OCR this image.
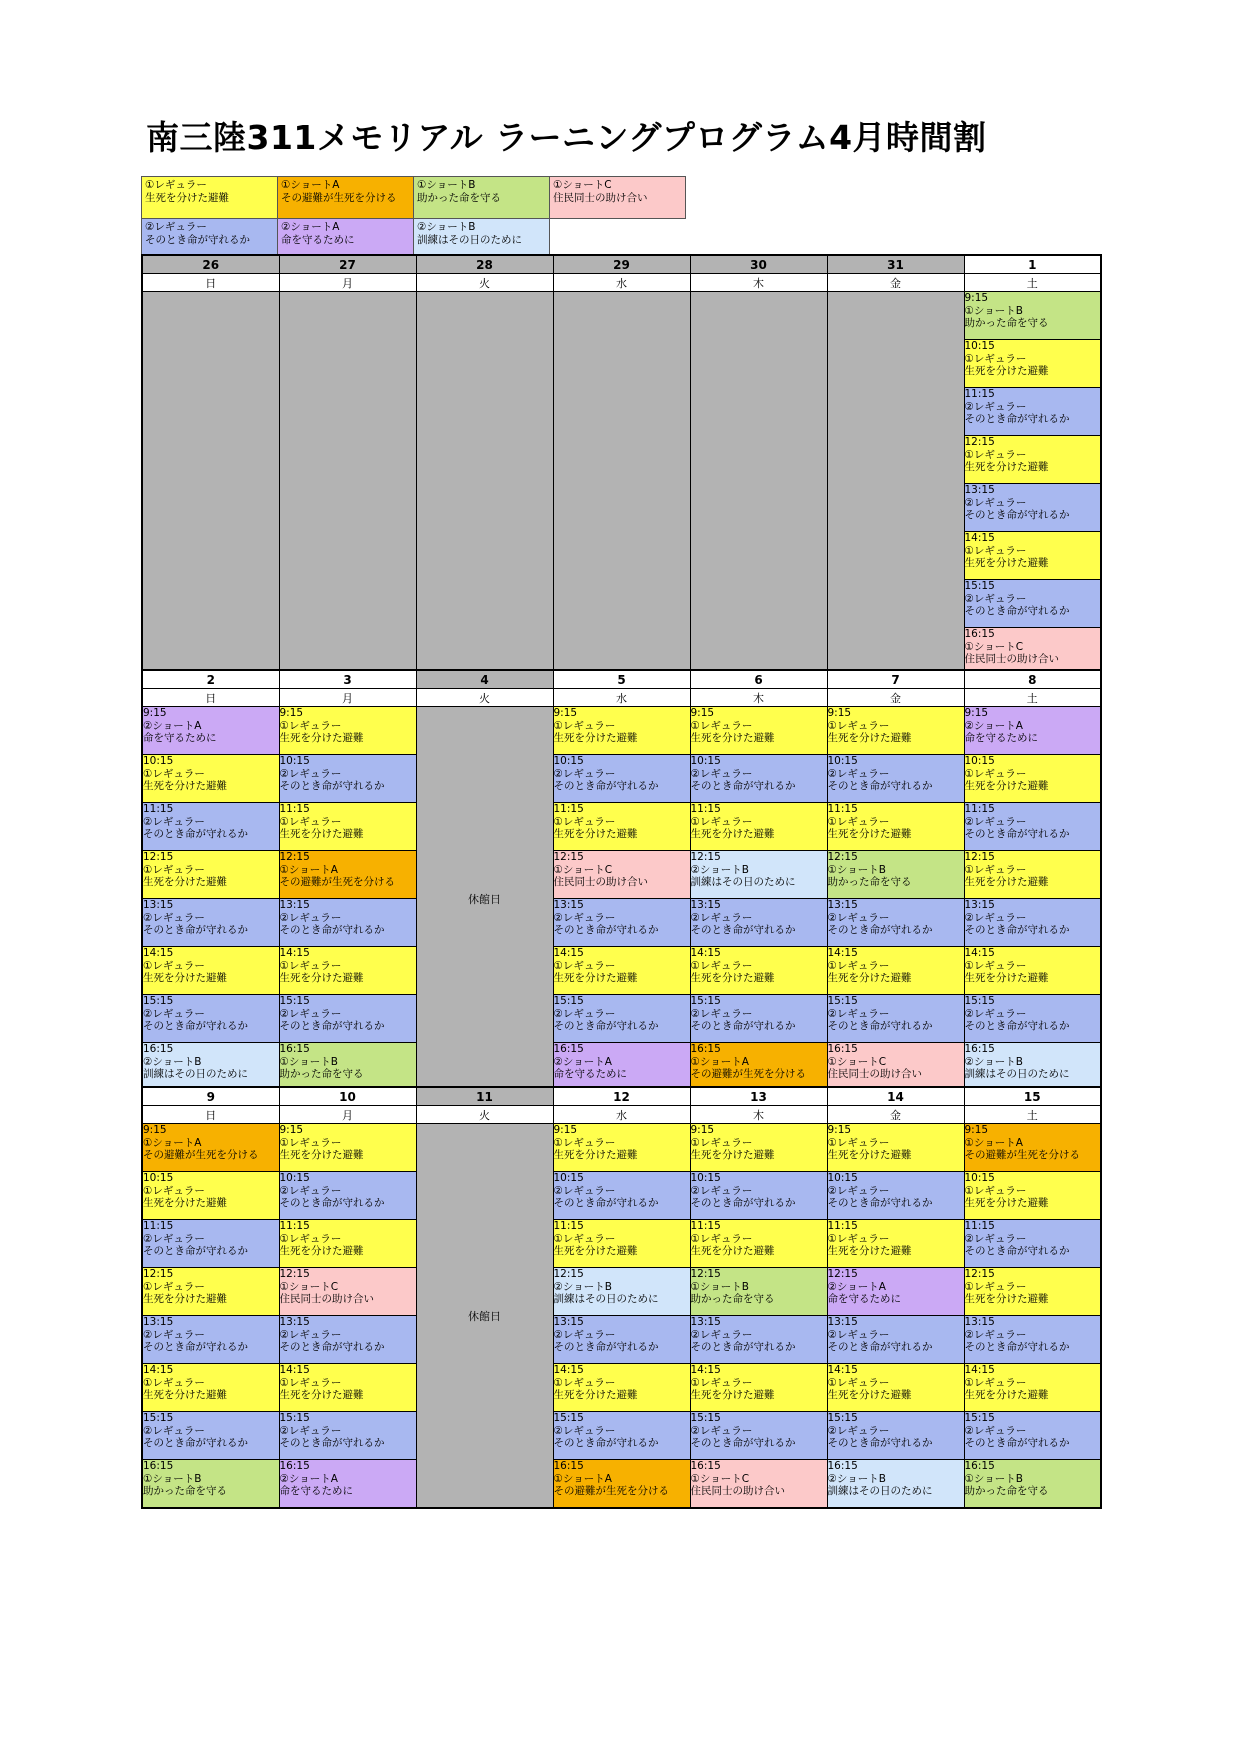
南三陸311メモリアル ラーニングプログラム4月時間割
①レギュラー
生死を分けた避難
①ショートA
その避難が生死を分ける
①ショートB
助かった命を守る
①ショートC
住民同士の助け合い
②レギュラー
そのとき命が守れるか
②ショートA
命を守るために
②ショートB
訓練はその日のために
26	27	28	29	30	31	1
日	月	火	水	木	金	土

						9:15
①ショートB
助かった命を守る

						10:15
①レギュラー
生死を分けた避難

						11:15
②レギュラー
そのとき命が守れるか

						12:15
①レギュラー
生死を分けた避難

						13:15
②レギュラー
そのとき命が守れるか

						14:15
①レギュラー
生死を分けた避難

						15:15
②レギュラー
そのとき命が守れるか

						16:15
①ショートC
住民同士の助け合い
2	3	4	5	6	7	8
日	月	火	水	木	金	土

9:15
②ショートA
命を守るために	9:15
①レギュラー
生死を分けた避難	休館日	9:15
①レギュラー
生死を分けた避難	9:15
①レギュラー
生死を分けた避難	9:15
①レギュラー
生死を分けた避難	9:15
②ショートA
命を守るために

10:15
①レギュラー
生死を分けた避難	10:15
②レギュラー
そのとき命が守れるか		10:15
②レギュラー
そのとき命が守れるか	10:15
②レギュラー
そのとき命が守れるか	10:15
②レギュラー
そのとき命が守れるか	10:15
①レギュラー
生死を分けた避難

11:15
②レギュラー
そのとき命が守れるか	11:15
①レギュラー
生死を分けた避難		11:15
①レギュラー
生死を分けた避難	11:15
①レギュラー
生死を分けた避難	11:15
①レギュラー
生死を分けた避難	11:15
②レギュラー
そのとき命が守れるか

12:15
①レギュラー
生死を分けた避難	12:15
①ショートA
その避難が生死を分ける		12:15
①ショートC
住民同士の助け合い	12:15
②ショートB
訓練はその日のために	12:15
①ショートB
助かった命を守る	12:15
①レギュラー
生死を分けた避難

13:15
②レギュラー
そのとき命が守れるか	13:15
②レギュラー
そのとき命が守れるか		13:15
②レギュラー
そのとき命が守れるか	13:15
②レギュラー
そのとき命が守れるか	13:15
②レギュラー
そのとき命が守れるか	13:15
②レギュラー
そのとき命が守れるか

14:15
①レギュラー
生死を分けた避難	14:15
①レギュラー
生死を分けた避難		14:15
①レギュラー
生死を分けた避難	14:15
①レギュラー
生死を分けた避難	14:15
①レギュラー
生死を分けた避難	14:15
①レギュラー
生死を分けた避難

15:15
②レギュラー
そのとき命が守れるか	15:15
②レギュラー
そのとき命が守れるか		15:15
②レギュラー
そのとき命が守れるか	15:15
②レギュラー
そのとき命が守れるか	15:15
②レギュラー
そのとき命が守れるか	15:15
②レギュラー
そのとき命が守れるか

16:15
②ショートB
訓練はその日のために	16:15
①ショートB
助かった命を守る		16:15
②ショートA
命を守るために	16:15
①ショートA
その避難が生死を分ける	16:15
①ショートC
住民同士の助け合い	16:15
②ショートB
訓練はその日のために
9	10	11	12	13	14	15
日	月	火	水	木	金	土

9:15
①ショートA
その避難が生死を分ける	9:15
①レギュラー
生死を分けた避難	休館日	9:15
①レギュラー
生死を分けた避難	9:15
①レギュラー
生死を分けた避難	9:15
①レギュラー
生死を分けた避難	9:15
①ショートA
その避難が生死を分ける

10:15
①レギュラー
生死を分けた避難	10:15
②レギュラー
そのとき命が守れるか		10:15
②レギュラー
そのとき命が守れるか	10:15
②レギュラー
そのとき命が守れるか	10:15
②レギュラー
そのとき命が守れるか	10:15
①レギュラー
生死を分けた避難

11:15
②レギュラー
そのとき命が守れるか	11:15
①レギュラー
生死を分けた避難		11:15
①レギュラー
生死を分けた避難	11:15
①レギュラー
生死を分けた避難	11:15
①レギュラー
生死を分けた避難	11:15
②レギュラー
そのとき命が守れるか

12:15
①レギュラー
生死を分けた避難	12:15
①ショートC
住民同士の助け合い		12:15
②ショートB
訓練はその日のために	12:15
①ショートB
助かった命を守る	12:15
②ショートA
命を守るために	12:15
①レギュラー
生死を分けた避難

13:15
②レギュラー
そのとき命が守れるか	13:15
②レギュラー
そのとき命が守れるか		13:15
②レギュラー
そのとき命が守れるか	13:15
②レギュラー
そのとき命が守れるか	13:15
②レギュラー
そのとき命が守れるか	13:15
②レギュラー
そのとき命が守れるか

14:15
①レギュラー
生死を分けた避難	14:15
①レギュラー
生死を分けた避難		14:15
①レギュラー
生死を分けた避難	14:15
①レギュラー
生死を分けた避難	14:15
①レギュラー
生死を分けた避難	14:15
①レギュラー
生死を分けた避難

15:15
②レギュラー
そのとき命が守れるか	15:15
②レギュラー
そのとき命が守れるか		15:15
②レギュラー
そのとき命が守れるか	15:15
②レギュラー
そのとき命が守れるか	15:15
②レギュラー
そのとき命が守れるか	15:15
②レギュラー
そのとき命が守れるか

16:15
①ショートB
助かった命を守る	16:15
②ショートA
命を守るために		16:15
①ショートA
その避難が生死を分ける	16:15
①ショートC
住民同士の助け合い	16:15
②ショートB
訓練はその日のために	16:15
①ショートB
助かった命を守る
